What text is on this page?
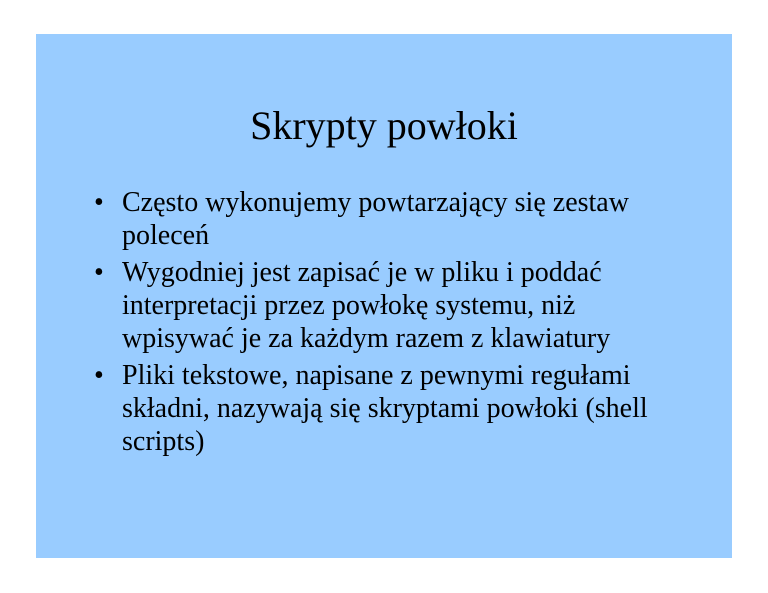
Skrypty powłoki
• Często wykonujemy powtarzający się zestaw poleceń
• Wygodniej jest zapisać je w pliku i poddać interpretacji przez powłokę systemu, niż wpisywać je za każdym razem z klawiatury
• Pliki tekstowe, napisane z pewnymi regułami składni, nazywają się skryptami powłoki (shell scripts)
